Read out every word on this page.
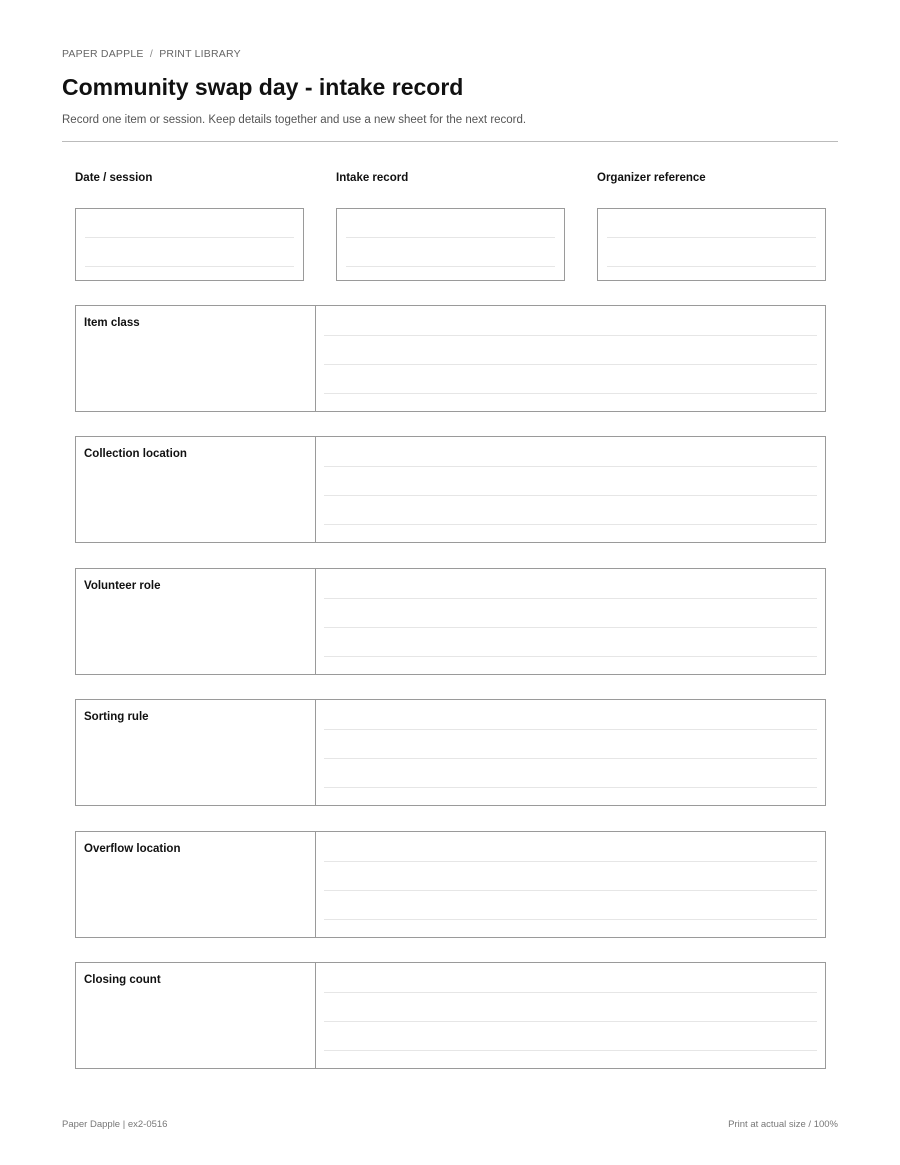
PAPER DAPPLE / PRINT LIBRARY
Community swap day - intake record
Record one item or session. Keep details together and use a new sheet for the next record.
Date / session	Intake record	Organizer reference
Item class
Collection location
Volunteer role
Sorting rule
Overflow location
Closing count
Paper Dapple | ex2-0516	Print at actual size / 100%
